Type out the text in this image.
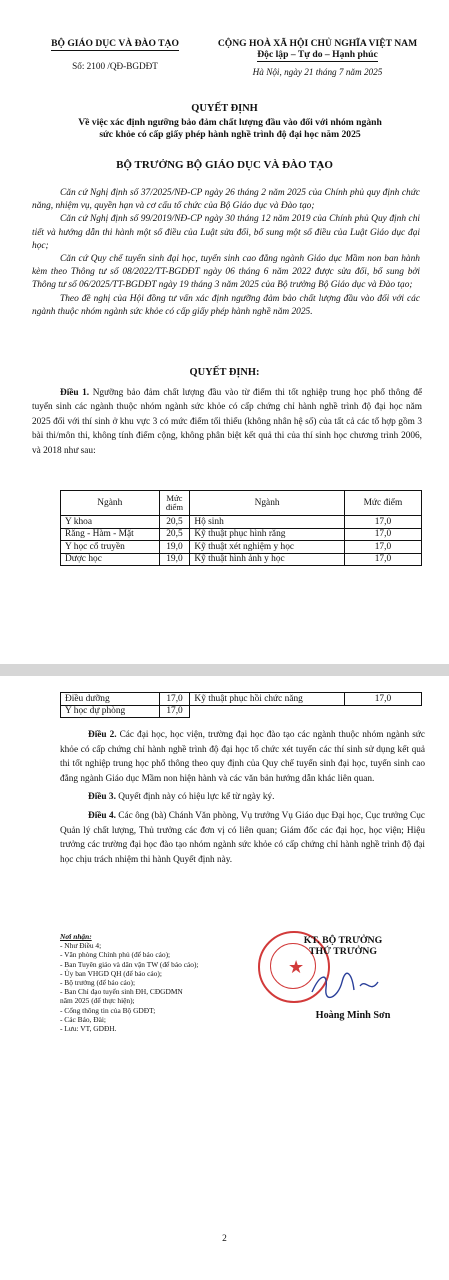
BỘ GIÁO DỤC VÀ ĐÀO TẠO
Số: 2100 /QĐ-BGDĐT
CỘNG HOÀ XÃ HỘI CHỦ NGHĨA VIỆT NAM
Độc lập – Tự do – Hạnh phúc
Hà Nội, ngày 21 tháng 7 năm 2025
QUYẾT ĐỊNH
Về việc xác định ngưỡng bảo đảm chất lượng đầu vào đối với nhóm ngành
sức khỏe có cấp giấy phép hành nghề trình độ đại học năm 2025
BỘ TRƯỞNG BỘ GIÁO DỤC VÀ ĐÀO TẠO

Căn cứ Nghị định số 37/2025/NĐ-CP ngày 26 tháng 2 năm 2025 của Chính phủ quy định chức năng, nhiệm vụ, quyền hạn và cơ cấu tổ chức của Bộ Giáo dục và Đào tạo;

Căn cứ Nghị định số 99/2019/NĐ-CP ngày 30 tháng 12 năm 2019 của Chính phủ Quy định chi tiết và hướng dẫn thi hành một số điều của Luật sửa đổi, bổ sung một số điều của Luật Giáo dục đại học;

Căn cứ Quy chế tuyển sinh đại học, tuyển sinh cao đẳng ngành Giáo dục Mầm non ban hành kèm theo Thông tư số 08/2022/TT-BGDĐT ngày 06 tháng 6 năm 2022 được sửa đổi, bổ sung bởi Thông tư số 06/2025/TT-BGDĐT ngày 19 tháng 3 năm 2025 của Bộ trưởng Bộ Giáo dục và Đào tạo;

Theo đề nghị của Hội đồng tư vấn xác định ngưỡng đảm bảo chất lượng đầu vào đối với các ngành thuộc nhóm ngành sức khỏe có cấp giấy phép hành nghề năm 2025.

QUYẾT ĐỊNH:

Điều 1. Ngưỡng bảo đảm chất lượng đầu vào từ điểm thi tốt nghiệp trung học phổ thông để tuyển sinh các ngành thuộc nhóm ngành sức khỏe có cấp chứng chỉ hành nghề trình độ đại học năm 2025 đối với thí sinh ở khu vực 3 có mức điểm tối thiểu (không nhân hệ số) của tất cả các tổ hợp gồm 3 bài thi/môn thi, không tính điểm cộng, không phân biệt kết quả thi của thí sinh học chương trình 2006, và 2018 như sau:

Ngành	Mức điểm	Ngành	Mức điểm
Y khoa	20,5	Hộ sinh	17,0
Răng - Hàm - Mặt	20,5	Kỹ thuật phục hình răng	17,0
Y học cổ truyền	19,0	Kỹ thuật xét nghiệm y học	17,0
Dược học	19,0	Kỹ thuật hình ảnh y học	17,0
Điều dưỡng	17,0	Kỹ thuật phục hồi chức năng	17,0
Y học dự phòng	17,0		

Điều 2. Các đại học, học viện, trường đại học đào tạo các ngành thuộc nhóm ngành sức khỏe có cấp chứng chỉ hành nghề trình độ đại học tổ chức xét tuyển các thí sinh sử dụng kết quả thi tốt nghiệp trung học phổ thông theo quy định của Quy chế tuyển sinh đại học, tuyển sinh cao đẳng ngành Giáo dục Mầm non hiện hành và các văn bản hướng dẫn khác liên quan.

Điều 3. Quyết định này có hiệu lực kể từ ngày ký.

Điều 4. Các ông (bà) Chánh Văn phòng, Vụ trưởng Vụ Giáo dục Đại học, Cục trưởng Cục Quản lý chất lượng, Thủ trưởng các đơn vị có liên quan; Giám đốc các đại học, học viện; Hiệu trưởng các trường đại học đào tạo nhóm ngành sức khỏe có cấp chứng chỉ hành nghề trình độ đại học chịu trách nhiệm thi hành Quyết định này.

Nơi nhận:
- Như Điều 4;
- Văn phòng Chính phủ (để báo cáo);
- Ban Tuyên giáo và dân vận TW (để báo cáo);
- Ủy ban VHGD QH (để báo cáo);
- Bộ trưởng (để báo cáo);
- Ban Chỉ đạo tuyển sinh ĐH, CĐGDMN
năm 2025 (để thực hiện);
- Cổng thông tin của Bộ GDĐT;
- Các Báo, Đài;
- Lưu: VT, GDĐH.
★
KT. BỘ TRƯỞNG
THỨ TRƯỞNG
Hoàng Minh Sơn
2
